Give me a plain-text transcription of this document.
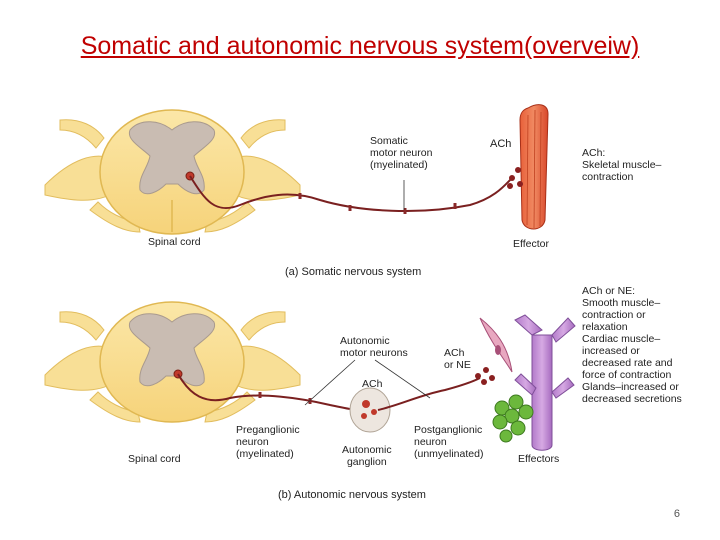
Somatic and autonomic nervous system(overveiw)
Somatic
motor neuron
(myelinated)
ACh
ACh:
Skeletal muscle–
contraction
Spinal cord	Effector
(a) Somatic nervous system
Autonomic
motor neurons	ACh
or NE
ACh
ACh or NE:
Smooth muscle–
contraction or
relaxation
Cardiac muscle–
increased or
decreased rate and
force of contraction
Glands–increased or
decreased secretions
Preganglionic
neuron
(myelinated)	Autonomic
ganglion
Postganglionic
neuron
(unmyelinated)	Effectors
Spinal cord
(b) Autonomic nervous system
6
